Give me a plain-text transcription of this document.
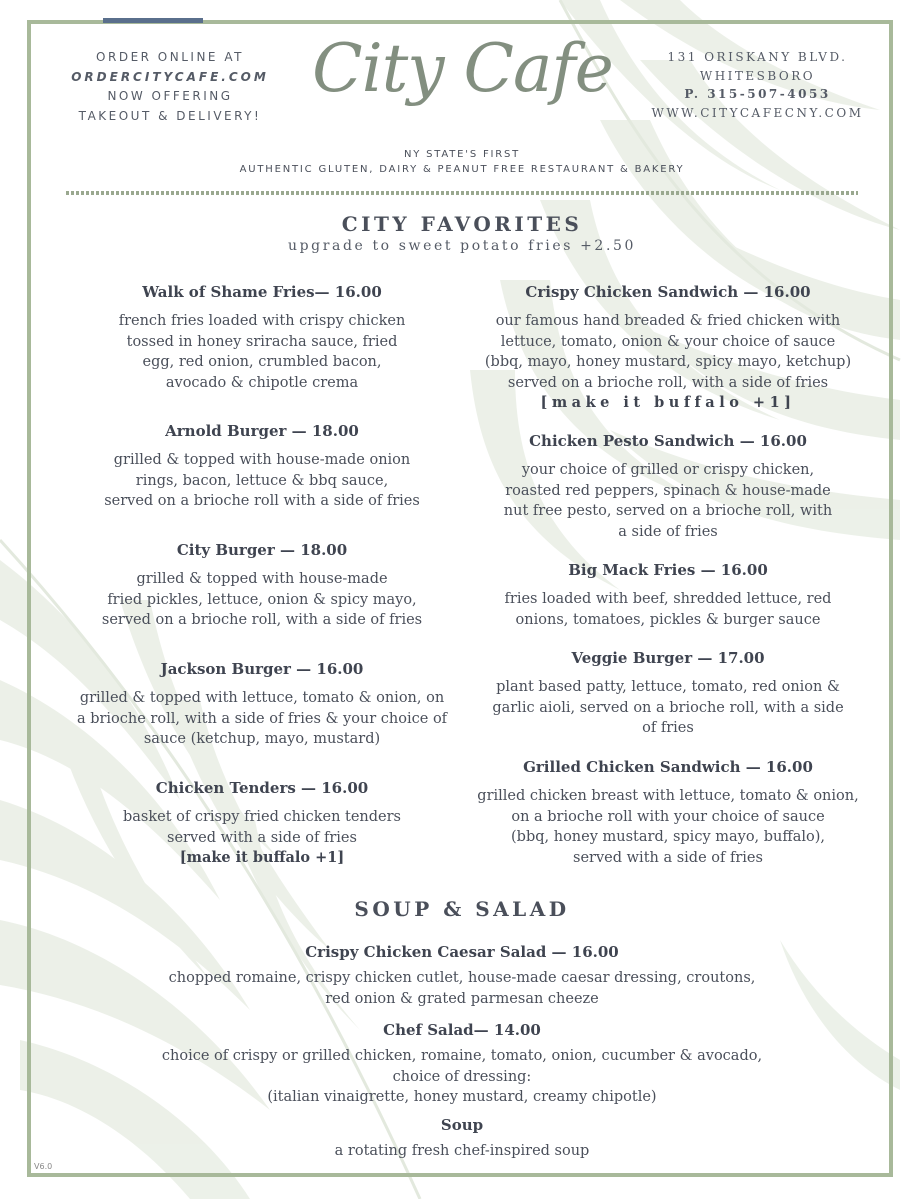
ORDER ONLINE AT
ORDERCITYCAFE.COM
NOW OFFERING
TAKEOUT & DELIVERY!
City Cafe	131 ORISKANY BLVD.
WHITESBORO
P. 315-507-4053
WWW.CITYCAFECNY.COM
NY STATE'S FIRST
AUTHENTIC GLUTEN, DAIRY & PEANUT FREE RESTAURANT & BAKERY
CITY FAVORITES
upgrade to sweet potato fries +2.50
Walk of Shame Fries— 16.00
french fries loaded with crispy chicken
tossed in honey sriracha sauce, fried
egg, red onion, crumbled bacon,
avocado & chipotle crema
Arnold Burger — 18.00
grilled & topped with house-made onion
rings, bacon, lettuce & bbq sauce,
served on a brioche roll with a side of fries
City Burger — 18.00
grilled & topped with house-made
fried pickles, lettuce, onion & spicy mayo,
served on a brioche roll, with a side of fries
Jackson Burger — 16.00
grilled & topped with lettuce, tomato & onion, on
a brioche roll, with a side of fries & your choice of
sauce (ketchup, mayo, mustard)
Chicken Tenders — 16.00
basket of crispy fried chicken tenders
served with a side of fries
[make it buffalo +1]
Crispy Chicken Sandwich — 16.00
our famous hand breaded & fried chicken with
lettuce, tomato, onion & your choice of sauce
(bbq, mayo, honey mustard, spicy mayo, ketchup)
served on a brioche roll, with a side of fries
[make it buffalo +1]
Chicken Pesto Sandwich — 16.00
your choice of grilled or crispy chicken,
roasted red peppers, spinach & house-made
nut free pesto, served on a brioche roll, with
a side of fries
Big Mack Fries — 16.00
fries loaded with beef, shredded lettuce, red
onions, tomatoes, pickles & burger sauce
Veggie Burger — 17.00
plant based patty, lettuce, tomato, red onion &
garlic aioli, served on a brioche roll, with a side
of fries
Grilled Chicken Sandwich — 16.00
grilled chicken breast with lettuce, tomato & onion,
on a brioche roll with your choice of sauce
(bbq, honey mustard, spicy mayo, buffalo),
served with a side of fries
SOUP & SALAD
Crispy Chicken Caesar Salad — 16.00
chopped romaine, crispy chicken cutlet, house-made caesar dressing, croutons,
red onion & grated parmesan cheeze
Chef Salad— 14.00
choice of crispy or grilled chicken, romaine, tomato, onion, cucumber & avocado,
choice of dressing:
(italian vinaigrette, honey mustard, creamy chipotle)
Soup
a rotating fresh chef-inspired soup
V6.0
